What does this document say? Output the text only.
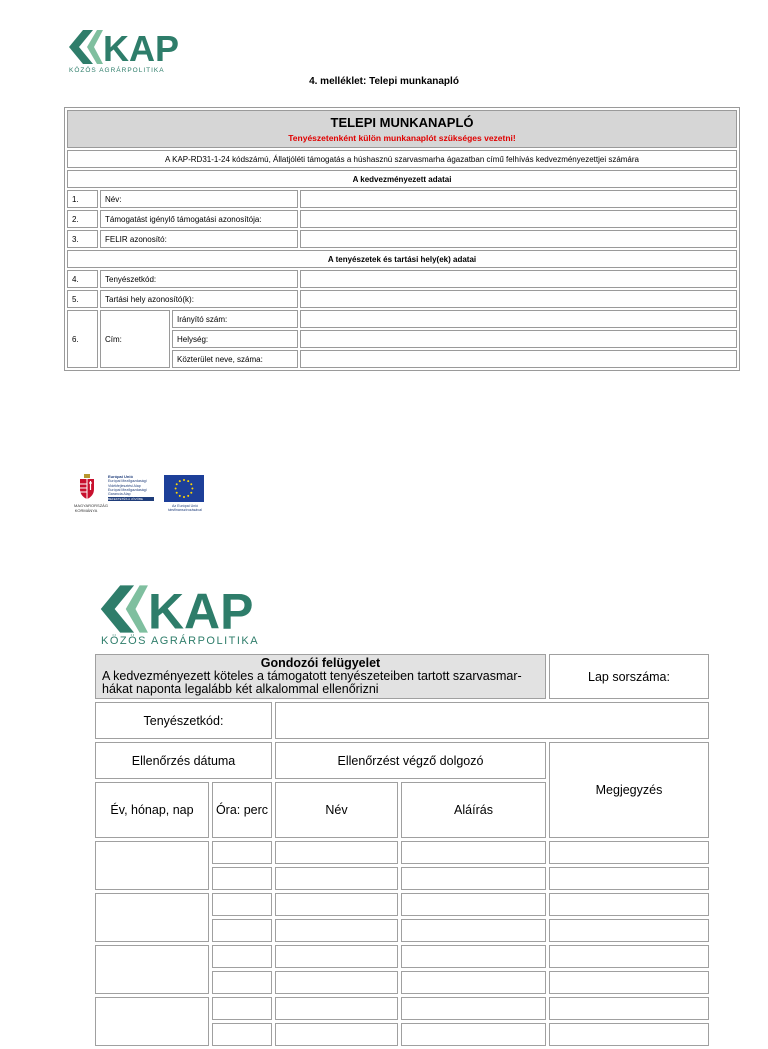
KAP
KÖZÖS AGRÁRPOLITIKA
4. melléklet: Telepi munkanapló
TELEPI MUNKANAPLÓ
Tenyészetenként külön munkanaplót szükséges vezetni!			

A KAP-RD31-1-24 kódszámú, Állatjóléti támogatás a húshasznú szarvasmarha ágazatban című felhívás kedvezményezettjei számára			
A kedvezményezett adatai			
1.	Név:		
2.	Támogatást igénylő támogatási azonosítója:		
3.	FELIR azonosító:		
A tenyészetek és tartási hely(ek) adatai			
4.	Tenyészetkód:		
5.	Tartási hely azonosító(k):		
6.	Cím:	Irányító szám:	
		Helység:	
		Közterület neve, száma:	
MAGYARORSZÁG KORMÁNYA
Európai Unió
Európai Mezőgazdasági
Vidékfejlesztési Alap
Európai Mezőgazdasági
Garancia Alap
BEFEKTETÉS A JÖVŐBE
Az Európai Unió társfinanszírozásával
KAP
KÖZÖS AGRÁRPOLITIKA
Gondozói felügyelet
A kedvezményezett köteles a támogatott tenyészeteiben tartott szarvasmar-hákat naponta legalább két alkalommal ellenőrizni				Lap sorszáma:
Tenyészetkód:				
Ellenőrzés dátuma		Ellenőrzést végző dolgozó		Megjegyzés
Év, hónap, nap	Óra: perc	Név	Aláírás	
